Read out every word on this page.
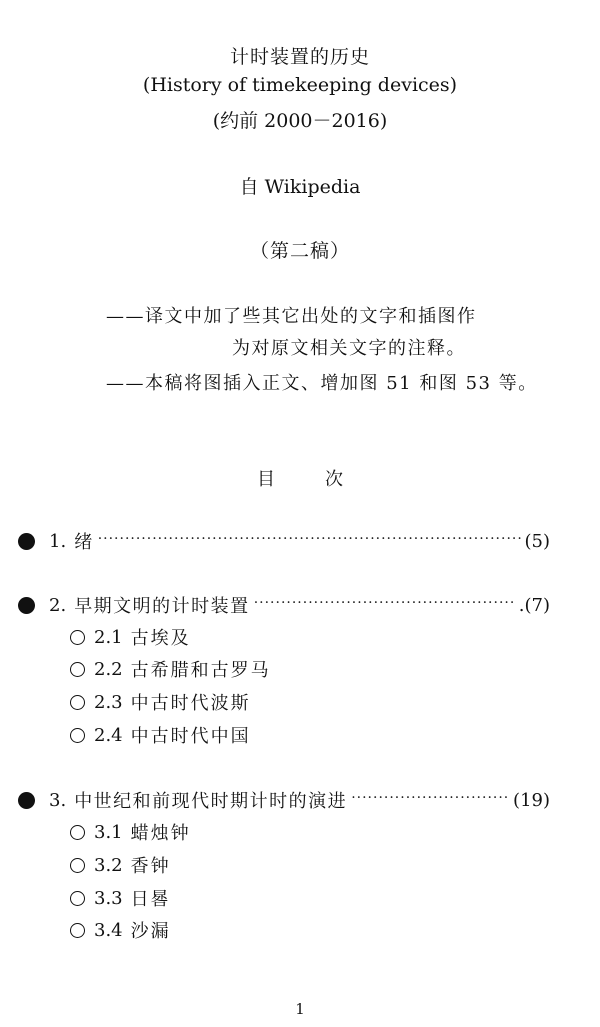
计时装置的历史
(History of timekeeping devices)
(约前 2000－2016)
自 Wikipedia
（第二稿）
——译文中加了些其它出处的文字和插图作
为对原文相关文字的注释。
——本稿将图插入正文、增加图 51 和图 53 等。
目	次
1. 绪 ·····	(5)
2. 早期文明的计时装置 ·····	.(7)
2.1 古埃及
2.2 古希腊和古罗马
2.3 中古时代波斯
2.4 中古时代中国
3. 中世纪和前现代时期计时的演进 ·····	(19)
3.1 蜡烛钟
3.2 香钟
3.3 日晷
3.4 沙漏
1
